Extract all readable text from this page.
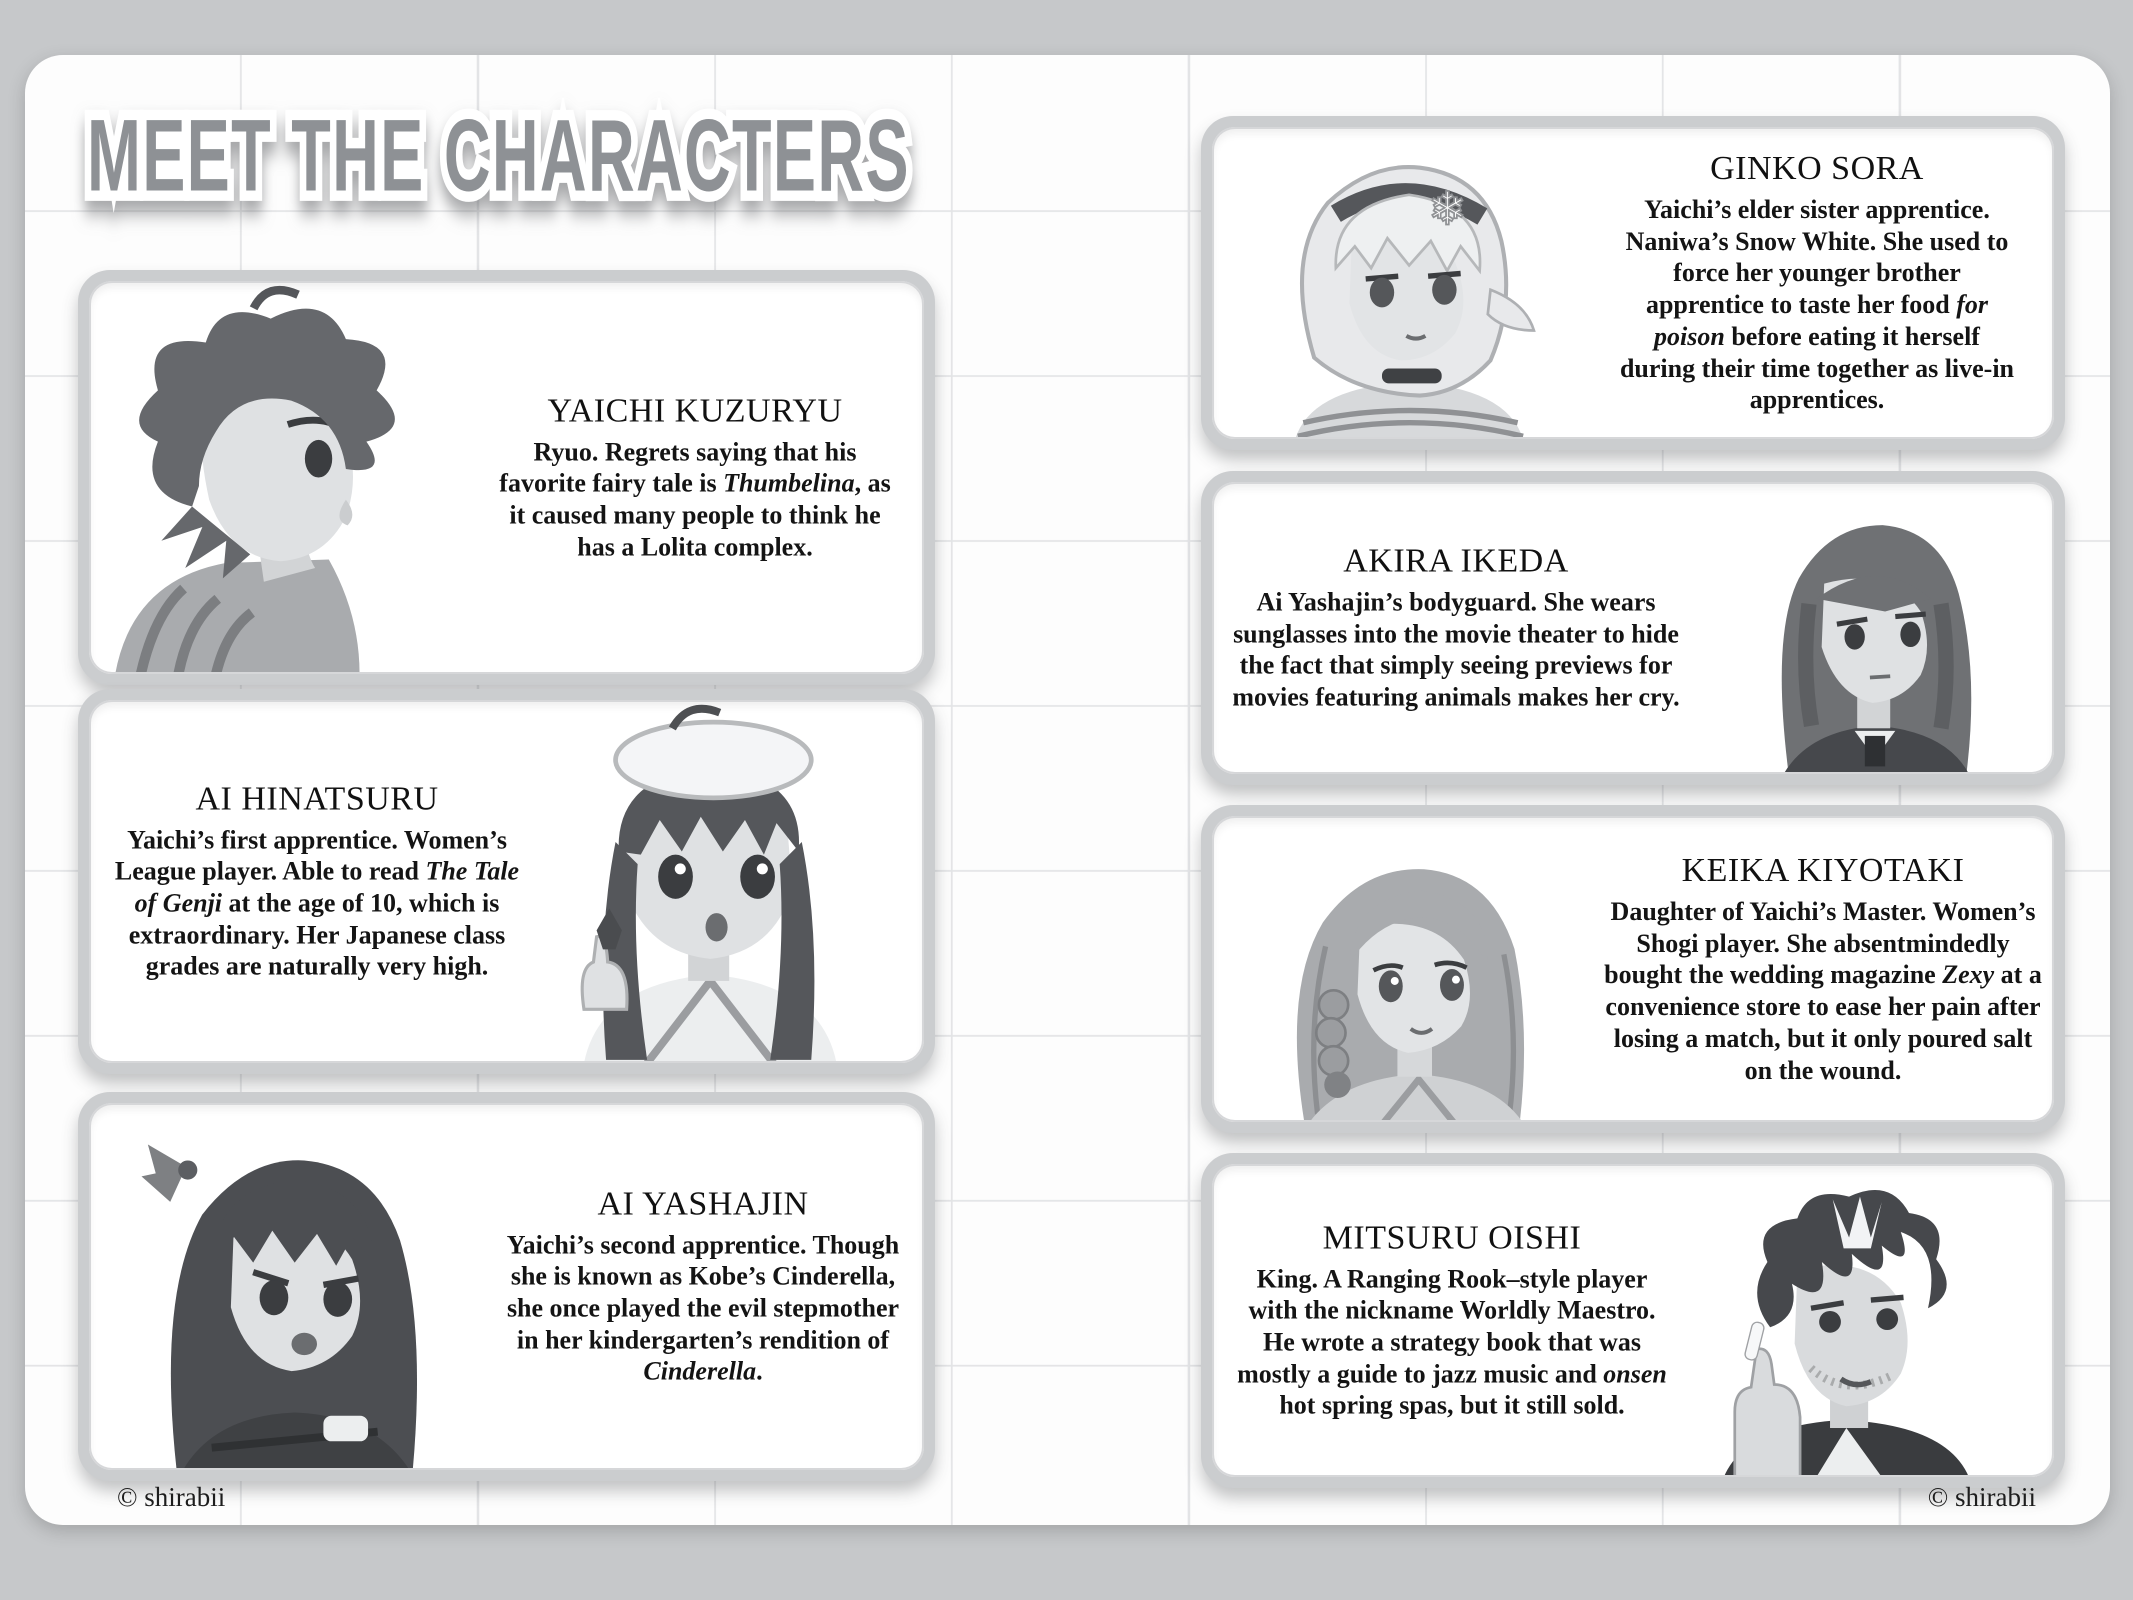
MEET THE CHARACTERS MEET THE CHARACTERS
YAICHI KUZURYU

Ryuo. Regrets saying that his favorite fairy tale is Thumbelina, as it caused many people to think he has a Lolita complex.

AI HINATSURU

Yaichi’s first apprentice. Women’s League player. Able to read The Tale of Genji at the age of 10, which is extraordinary. Her Japanese class grades are naturally very high.

AI YASHAJIN

Yaichi’s second apprentice. Though she is known as Kobe’s Cinderella, she once played the evil stepmother in her kindergarten’s rendition of Cinderella.

❄
GINKO SORA

Yaichi’s elder sister apprentice. Naniwa’s Snow White. She used to force her younger brother apprentice to taste her food for poison before eating it herself during their time together as live-in apprentices.

AKIRA IKEDA

Ai Yashajin’s bodyguard. She wears sunglasses into the movie theater to hide the fact that simply seeing previews for movies featuring animals makes her cry.

KEIKA KIYOTAKI

Daughter of Yaichi’s Master. Women’s Shogi player. She absentmindedly bought the wedding magazine Zexy at a convenience store to ease her pain after losing a match, but it only poured salt on the wound.

MITSURU OISHI

King. A Ranging Rook–style player with the nickname Worldly Maestro. He wrote a strategy book that was mostly a guide to jazz music and onsen hot spring spas, but it still sold.

© shirabii	© shirabii
